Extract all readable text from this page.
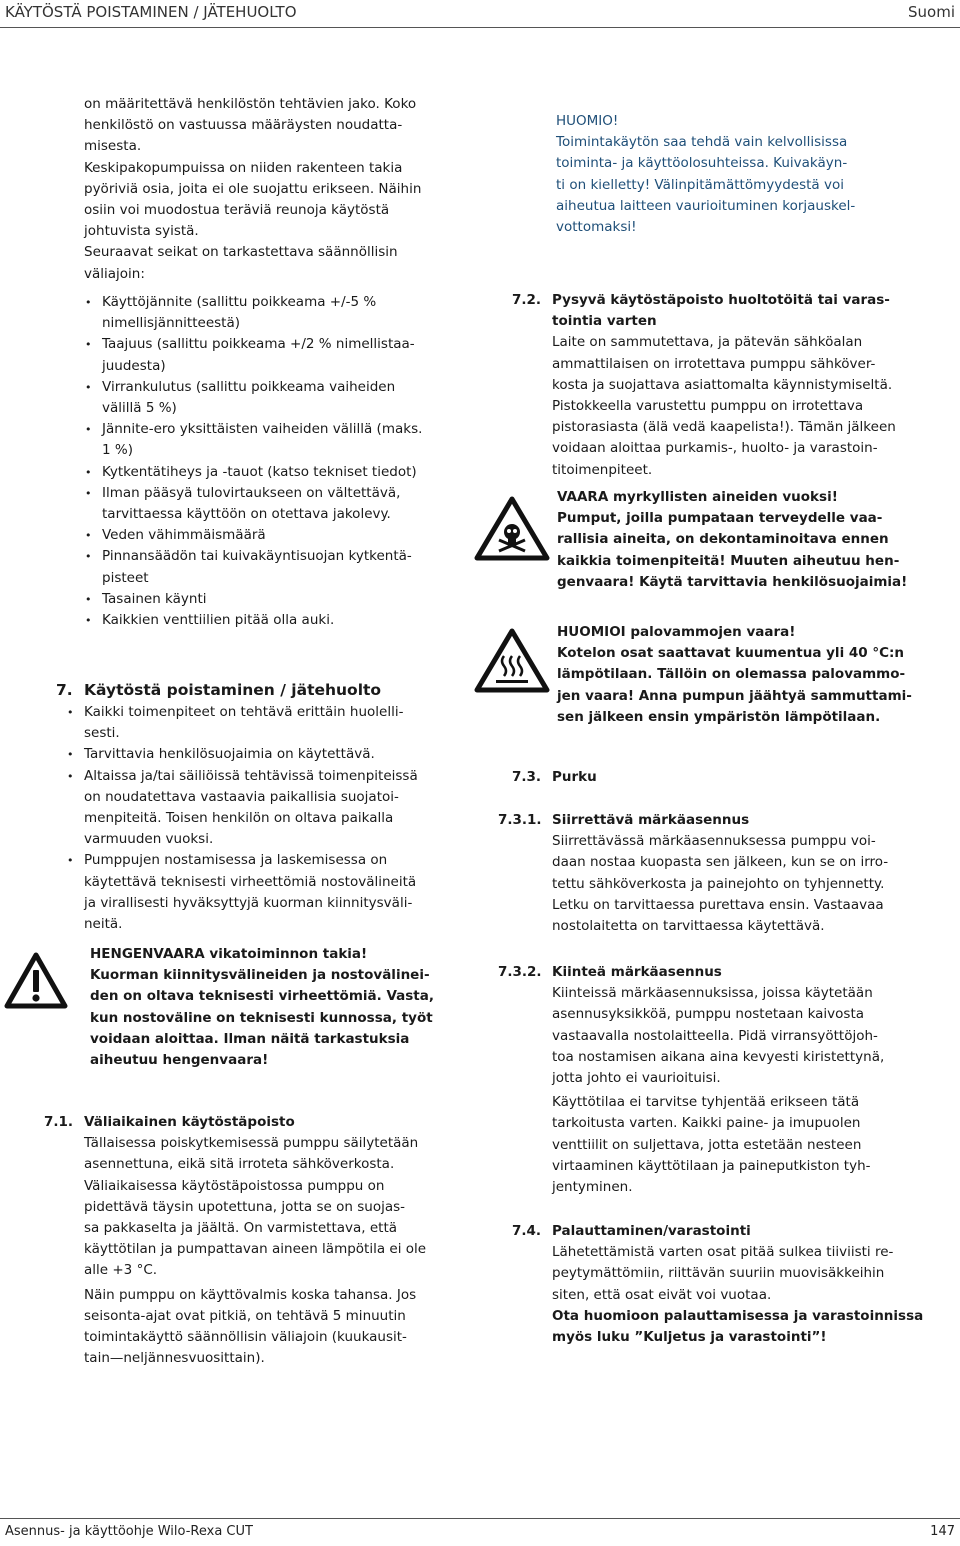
KÄYTÖSTÄ POISTAMINEN / JÄTEHUOLTO	Suomi
on määritettävä henkilöstön tehtävien jako. Koko
henkilöstö on vastuussa määräysten noudatta-
misesta.
Keskipakopumpuissa on niiden rakenteen takia
pyöriviä osia, joita ei ole suojattu erikseen. Näihin
osiin voi muodostua teräviä reunoja käytöstä
johtuvista syistä.
Seuraavat seikat on tarkastettava säännöllisin
väliajoin:
• Käyttöjännite (sallittu poikkeama +/-5 %
nimellisjännitteestä)
• Taajuus (sallittu poikkeama +/2 % nimellistaa-
juudesta)
• Virrankulutus (sallittu poikkeama vaiheiden
välillä 5 %)
• Jännite-ero yksittäisten vaiheiden välillä (maks.
1 %)
• Kytkentätiheys ja -tauot (katso tekniset tiedot)
• Ilman pääsyä tulovirtaukseen on vältettävä,
tarvittaessa käyttöön on otettava jakolevy.
• Veden vähimmäismäärä
• Pinnansäädön tai kuivakäyntisuojan kytkentä-
pisteet
• Tasainen käynti
• Kaikkien venttiilien pitää olla auki.
7. Käytöstä poistaminen / jätehuolto
• Kaikki toimenpiteet on tehtävä erittäin huolelli-
sesti.
• Tarvittavia henkilösuojaimia on käytettävä.
• Altaissa ja/tai säiliöissä tehtävissä toimenpiteissä
on noudatettava vastaavia paikallisia suojatoi-
menpiteitä. Toisen henkilön on oltava paikalla
varmuuden vuoksi.
• Pumppujen nostamisessa ja laskemisessa on
käytettävä teknisesti virheettömiä nostovälineitä
ja virallisesti hyväksyttyjä kuorman kiinnitysväli-
neitä.
HENGENVAARA vikatoiminnon takia!
Kuorman kiinnitysvälineiden ja nostovälinei-
den on oltava teknisesti virheettömiä. Vasta,
kun nostoväline on teknisesti kunnossa, työt
voidaan aloittaa. Ilman näitä tarkastuksia
aiheutuu hengenvaara!
7.1. Väliaikainen käytöstäpoisto
Tällaisessa poiskytkemisessä pumppu säilytetään
asennettuna, eikä sitä irroteta sähköverkosta.
Väliaikaisessa käytöstäpoistossa pumppu on
pidettävä täysin upotettuna, jotta se on suojas-
sa pakkaselta ja jäältä. On varmistettava, että
käyttötilan ja pumpattavan aineen lämpötila ei ole
alle +3 °C.
Näin pumppu on käyttövalmis koska tahansa. Jos
seisonta-ajat ovat pitkiä, on tehtävä 5 minuutin
toimintakäyttö säännöllisin väliajoin (kuukausit-
tain—neljännesvuosittain).
HUOMIO!
Toimintakäytön saa tehdä vain kelvollisissa
toiminta- ja käyttöolosuhteissa. Kuivakäyn-
ti on kielletty! Välinpitämättömyydestä voi
aiheutua laitteen vaurioituminen korjauskel-
vottomaksi!
7.2. Pysyvä käytöstäpoisto huoltotöitä tai varas-
tointia varten
Laite on sammutettava, ja pätevän sähköalan
ammattilaisen on irrotettava pumppu sähköver-
kosta ja suojattava asiattomalta käynnistymiseltä.
Pistokkeella varustettu pumppu on irrotettava
pistorasiasta (älä vedä kaapelista!). Tämän jälkeen
voidaan aloittaa purkamis-, huolto- ja varastoin-
titoimenpiteet.
VAARA myrkyllisten aineiden vuoksi!
Pumput, joilla pumpataan terveydelle vaa-
rallisia aineita, on dekontaminoitava ennen
kaikkia toimenpiteitä! Muuten aiheutuu hen-
genvaara! Käytä tarvittavia henkilösuojaimia!
HUOMIOI palovammojen vaara!
Kotelon osat saattavat kuumentua yli 40 °C:n
lämpötilaan. Tällöin on olemassa palovammo-
jen vaara! Anna pumpun jäähtyä sammuttami-
sen jälkeen ensin ympäristön lämpötilaan.
7.3. Purku
7.3.1. Siirrettävä märkäasennus
Siirrettävässä märkäasennuksessa pumppu voi-
daan nostaa kuopasta sen jälkeen, kun se on irro-
tettu sähköverkosta ja painejohto on tyhjennetty.
Letku on tarvittaessa purettava ensin. Vastaavaa
nostolaitetta on tarvittaessa käytettävä.
7.3.2. Kiinteä märkäasennus
Kiinteissä märkäasennuksissa, joissa käytetään
asennusyksikköä, pumppu nostetaan kaivosta
vastaavalla nostolaitteella. Pidä virransyöttöjoh-
toa nostamisen aikana aina kevyesti kiristettynä,
jotta johto ei vaurioituisi.
Käyttötilaa ei tarvitse tyhjentää erikseen tätä
tarkoitusta varten. Kaikki paine- ja imupuolen
venttiilit on suljettava, jotta estetään nesteen
virtaaminen käyttötilaan ja paineputkiston tyh-
jentyminen.
7.4. Palauttaminen/varastointi
Lähetettämistä varten osat pitää sulkea tiiviisti re-
peytymättömiin, riittävän suuriin muovisäkkeihin
siten, että osat eivät voi vuotaa.
Ota huomioon palauttamisessa ja varastoinnissa
myös luku ”Kuljetus ja varastointi”!
Asennus- ja käyttöohje Wilo-Rexa CUT	147
